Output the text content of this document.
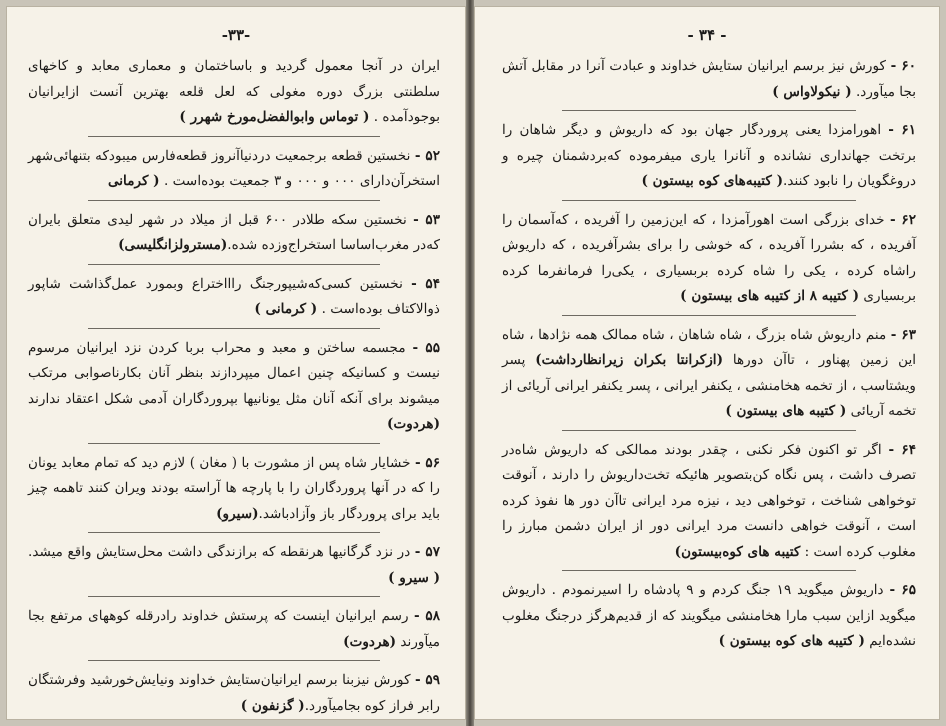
-۳۳-

ایران در آنجا معمول گردید و باساختمان و معماری معابد و کاخهای سلطنتی بزرگ دوره مغولی که لعل قلعه بهترین آنست ازایرانیان بوجودآمده . ( توماس وابوالفضل‌مورخ شهرر )

۵۲ - نخستین قطعه برجمعیت دردنیاآنروز قطعه‌فارس میبودکه بتنهائی‌شهر استخرآن‌دارای ۰۰۰ و ۰۰۰ و ۳ جمعیت بوده‌است . ( کرمانی

۵۳ - نخستین سکه طلادر ۶۰۰ قبل از میلاد در شهر لیدی متعلق بایران که‌در مغرب‌اساسا استخراج‌وزده شده.(مسترولزانگلیسی)

۵۴ - نخستین کسی‌که‌شیپورجنگ راااختراع وبمورد عمل‌گذاشت شاپور ذوالاکتاف بوده‌است . ( کرمانی )

۵۵ - مجسمه ساختن و معبد و محراب بربا کردن نزد ایرانیان مرسوم نیست و کسانیکه چنین اعمال میپردازند بنظر آنان بکارناصوابی مرتکب میشوند برای آنکه آنان مثل یونانیها بپروردگاران آدمی شکل اعتقاد ندارند (هردوت)

۵۶ - خشایار شاه پس از مشورت با ( مغان ) لازم دید که تمام معابد یونان را که در آنها پروردگاران را با پارچه ها آراسته بودند ویران کنند تاهمه چیز باید برای پروردگار باز وآزادباشد.(سیرو)

۵۷ - در نزد گرگانیها هرنقطه که برازندگی داشت محل‌ستایش واقع میشد. ( سیرو )

۵۸ - رسم ایرانیان اینست که پرستش خداوند رادرقله کوههای مرتفع بجا میآورند (هردوت)

۵۹ - کورش نیزبنا برسم ایرانیان‌ستایش خداوند ونیایش‌خورشید وفرشتگان رابر فراز کوه بجامیآورد.( گزنفون )

- ۳۴ -

۶۰ - کورش نیز برسم ایرانیان ستایش خداوند و عبادت آنرا در مقابل آتش بجا میآورد. ( نیکولاواس )

۶۱ - اهورامزدا یعنی پروردگار جهان بود که داریوش و دیگر شاهان را برتخت جهانداری نشانده و آنانرا یاری میفرموده که‌بردشمنان چیره و دروغگویان را نابود کنند.( کتیبه‌های کوه بیستون )

۶۲ - خدای بزرگی است اهورآمزدا ، که این‌زمین را آفریده ، که‌آسمان را آفریده ، که بشررا آفریده ، که خوشی را برای بشرآفریده ، که داریوش راشاه کرده ، یکی را شاه کرده بربسیاری ، یکی‌را فرمانفرما کرده بربسیاری ( کتیبه ۸ از کتیبه های بیستون )

۶۳ - منم داریوش شاه بزرگ ، شاه شاهان ، شاه ممالک همه نژادها ، شاه این زمین پهناور ، تاآن دورها (ازکرانتا بکران زیرانظارداشت) پسر ویشتاسب ، از تخمه هخامنشی ، یکنفر ایرانی ، پسر یکنفر ایرانی آریائی از تخمه آریائی ( کتیبه های بیستون )

۶۴ - اگر تو اکنون فکر نکنی ، چقدر بودند ممالکی که داریوش شاه‌در تصرف داشت ، پس نگاه کن‌بتصویر هائیکه تخت‌داریوش را دارند ، آنوقت توخواهی شناخت ، توخواهی دید ، نیزه مرد ایرانی تاآن دور ها نفوذ کرده است ، آنوقت خواهی دانست مرد ایرانی دور از ایران دشمن مبارز را مغلوب کرده است : کتیبه های کوه‌بیستون)

۶۵ - داریوش میگوید ۱۹ جنگ کردم و ۹ پادشاه را اسیرنمودم . داریوش میگوید ازاین سبب مارا هخامنشی میگویند که از قدیم‌هرگز درجنگ مغلوب نشده‌ایم ( کتیبه های کوه بیستون )
